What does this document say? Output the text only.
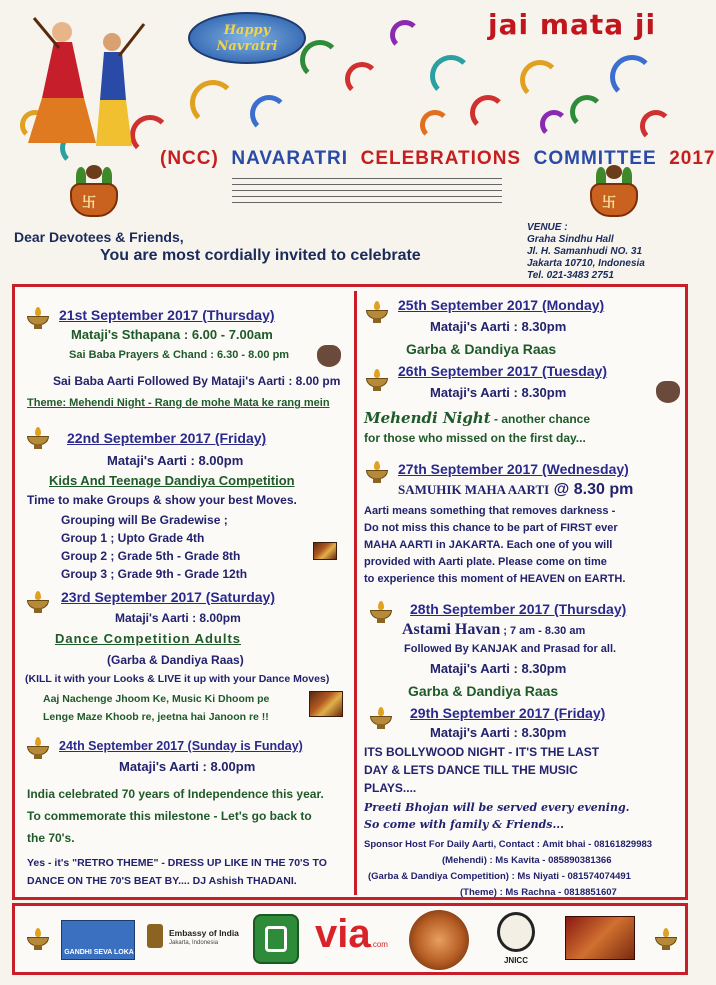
Happy
Navratri
jai mata ji
卐	卐
(NCC) NAVARATRI CELEBRATIONS COMMITTEE 2017
Dear Devotees & Friends,
You are most cordially invited to celebrate
VENUE :
Graha Sindhu Hall
Jl. H. Samanhudi NO. 31
Jakarta 10710, Indonesia
Tel. 021-3483 2751
21st September 2017 (Thursday)
Mataji's Sthapana : 6.00 - 7.00am
Sai Baba Prayers & Chand : 6.30 - 8.00 pm
Sai Baba Aarti Followed By Mataji's Aarti : 8.00 pm
Theme: Mehendi Night - Rang de mohe Mata ke rang mein
22nd September 2017 (Friday)
Mataji's Aarti : 8.00pm
Kids And Teenage Dandiya Competition
Time to make Groups & show your best Moves.
Grouping will Be Gradewise ;
Group 1 ; Upto Grade 4th
Group 2 ; Grade 5th - Grade 8th
Group 3 ; Grade 9th - Grade 12th
23rd September 2017 (Saturday)
Mataji's Aarti : 8.00pm
Dance Competition Adults
(Garba & Dandiya Raas)
(KILL it with your Looks & LIVE it up with your Dance Moves)
Aaj Nachenge Jhoom Ke, Music Ki Dhoom pe
Lenge Maze Khoob re, jeetna hai Janoon re !!
24th September 2017 (Sunday is Funday)
Mataji's Aarti : 8.00pm
India celebrated 70 years of Independence this year.
To commemorate this milestone - Let's go back to
the 70's.
Yes - it's "RETRO THEME" - DRESS UP LIKE IN THE 70'S TO
DANCE ON THE 70'S BEAT BY.... DJ Ashish THADANI.
25th September 2017 (Monday)
Mataji's Aarti : 8.30pm
Garba & Dandiya Raas
26th September 2017 (Tuesday)
Mataji's Aarti : 8.30pm
Mehendi Night - another chance
for those who missed on the first day...
27th September 2017 (Wednesday)
SAMUHIK MAHA AARTI @ 8.30 pm
Aarti means something that removes darkness -
Do not miss this chance to be part of FIRST ever
MAHA AARTI in JAKARTA. Each one of you will
provided with Aarti plate. Please come on time
to experience this moment of HEAVEN on EARTH.
28th September 2017 (Thursday)
Astami Havan ; 7 am - 8.30 am
Followed By KANJAK and Prasad for all.
Mataji's Aarti : 8.30pm
Garba & Dandiya Raas
29th September 2017 (Friday)
Mataji's Aarti : 8.30pm
ITS BOLLYWOOD NIGHT - IT'S THE LAST
DAY & LETS DANCE TILL THE MUSIC
PLAYS....
Preeti Bhojan will be served every evening.
So come with family & Friends...
Sponsor Host For Daily Aarti, Contact : Amit bhai - 08161829983
(Mehendi) : Ms Kavita - 085890381366
(Garba & Dandiya Competition) : Ms Niyati - 081574074491
(Theme) : Ms Rachna - 0818851607
GANDHI SEVA LOKA
Embassy of India
Jakarta, Indonesia via.com
JNICC
